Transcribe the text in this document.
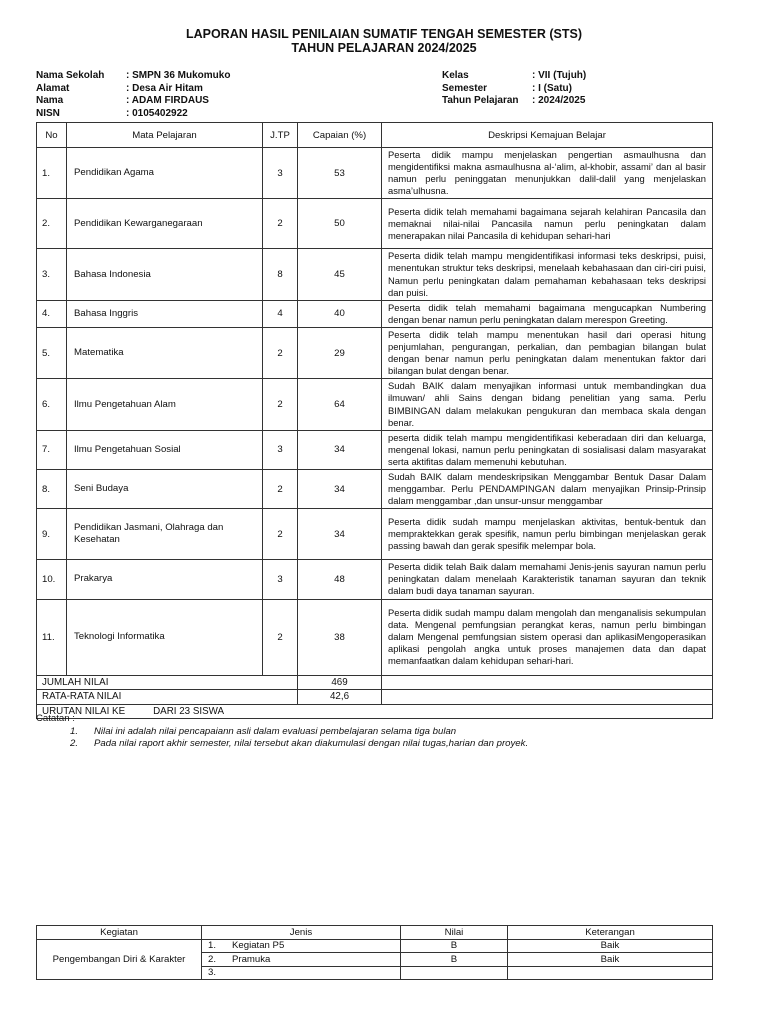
LAPORAN HASIL PENILAIAN SUMATIF TENGAH SEMESTER (STS)
TAHUN PELAJARAN 2024/2025
Nama Sekolah	: SMPN 36 Mukomuko
Alamat	: Desa Air Hitam
Nama	: ADAM FIRDAUS
NISN	: 0105402922
Kelas	: VII (Tujuh)
Semester	: I (Satu)
Tahun Pelajaran	: 2024/2025
No	Mata Pelajaran	J.TP	Capaian (%)	Deskripsi Kemajuan Belajar
1.	Pendidikan Agama	3	53	Peserta didik mampu menjelaskan pengertian asmaulhusna dan mengidentifiksi makna asmaulhusna al-‘alim, al-khobir, assami’ dan al basir namun perlu peninggatan menunjukkan dalil-dalil yang menjelaskan asma’ulhusna.
2.	Pendidikan Kewarganegaraan	2	50	Peserta didik telah memahami bagaimana sejarah kelahiran Pancasila dan memaknai nilai-nilai Pancasila namun perlu peningkatan dalam menerapakan nilai Pancasila di kehidupan sehari-hari
3.	Bahasa Indonesia	8	45	Peserta didik telah mampu mengidentifikasi informasi teks deskripsi, puisi, menentukan struktur teks deskripsi, menelaah kebahasaan dan ciri-ciri puisi, Namun perlu peningkatan dalam pemahaman kebahasaan teks deskripsi dan puisi.
4.	Bahasa Inggris	4	40	Peserta didik telah memahami bagaimana mengucapkan Numbering dengan benar namun perlu peningkatan dalam merespon Greeting.
5.	Matematika	2	29	Peserta didik telah mampu menentukan hasil dari operasi hitung penjumlahan, pengurangan, perkalian, dan pembagian bilangan bulat dengan benar namun perlu peningkatan dalam menentukan faktor dari bilangan bulat dengan benar.
6.	Ilmu Pengetahuan Alam	2	64	Sudah BAIK dalam menyajikan informasi untuk membandingkan dua ilmuwan/ ahli Sains dengan bidang penelitian yang sama. Perlu BIMBINGAN dalam melakukan pengukuran dan membaca skala dengan benar.
7.	Ilmu Pengetahuan Sosial	3	34	peserta didik telah mampu mengidentifikasi keberadaan diri dan keluarga, mengenal lokasi, namun perlu peningkatan di sosialisasi dalam masyarakat serta aktifitas dalam memenuhi kebutuhan.
8.	Seni Budaya	2	34	Sudah BAIK dalam mendeskripsikan Menggambar Bentuk Dasar Dalam menggambar. Perlu PENDAMPINGAN dalam menyajikan Prinsip-Prinsip dalam menggambar ,dan unsur-unsur menggambar
9.	Pendidikan Jasmani, Olahraga dan Kesehatan	2	34	Peserta didik sudah mampu menjelaskan aktivitas, bentuk-bentuk dan mempraktekkan gerak spesifik, namun perlu bimbingan menjelaskan gerak passing bawah dan gerak spesifik melempar bola.
10.	Prakarya	3	48	Peserta didik telah Baik dalam memahami Jenis-jenis sayuran namun perlu peningkatan dalam menelaah Karakteristik tanaman sayuran dan teknik dalam budi daya tanaman sayuran.
11.	Teknologi Informatika	2	38	Peserta didik sudah mampu dalam mengolah dan menganalisis sekumpulan data. Mengenal pemfungsian perangkat keras, namun perlu bimbingan dalam Mengenal pemfungsian sistem operasi dan aplikasiMengoperasikan aplikasi pengolah angka untuk proses manajemen data dan dapat memanfaatkan dalam kehidupan sehari-hari.
JUMLAH NILAI			469	
RATA-RATA NILAI			42,6	
URUTAN NILAI KE DARI 23 SISWA				
Catatan :
1.	Nilai ini adalah nilai pencapaiann asli dalam evaluasi pembelajaran selama tiga bulan
2.	Pada nilai raport akhir semester, nilai tersebut akan diakumulasi dengan nilai tugas,harian dan proyek.
Kegiatan	Jenis	Nilai	Keterangan
Pengembangan Diri & Karakter	1. Kegiatan P5	B	Baik
	2. Pramuka	B	Baik
	3.		
